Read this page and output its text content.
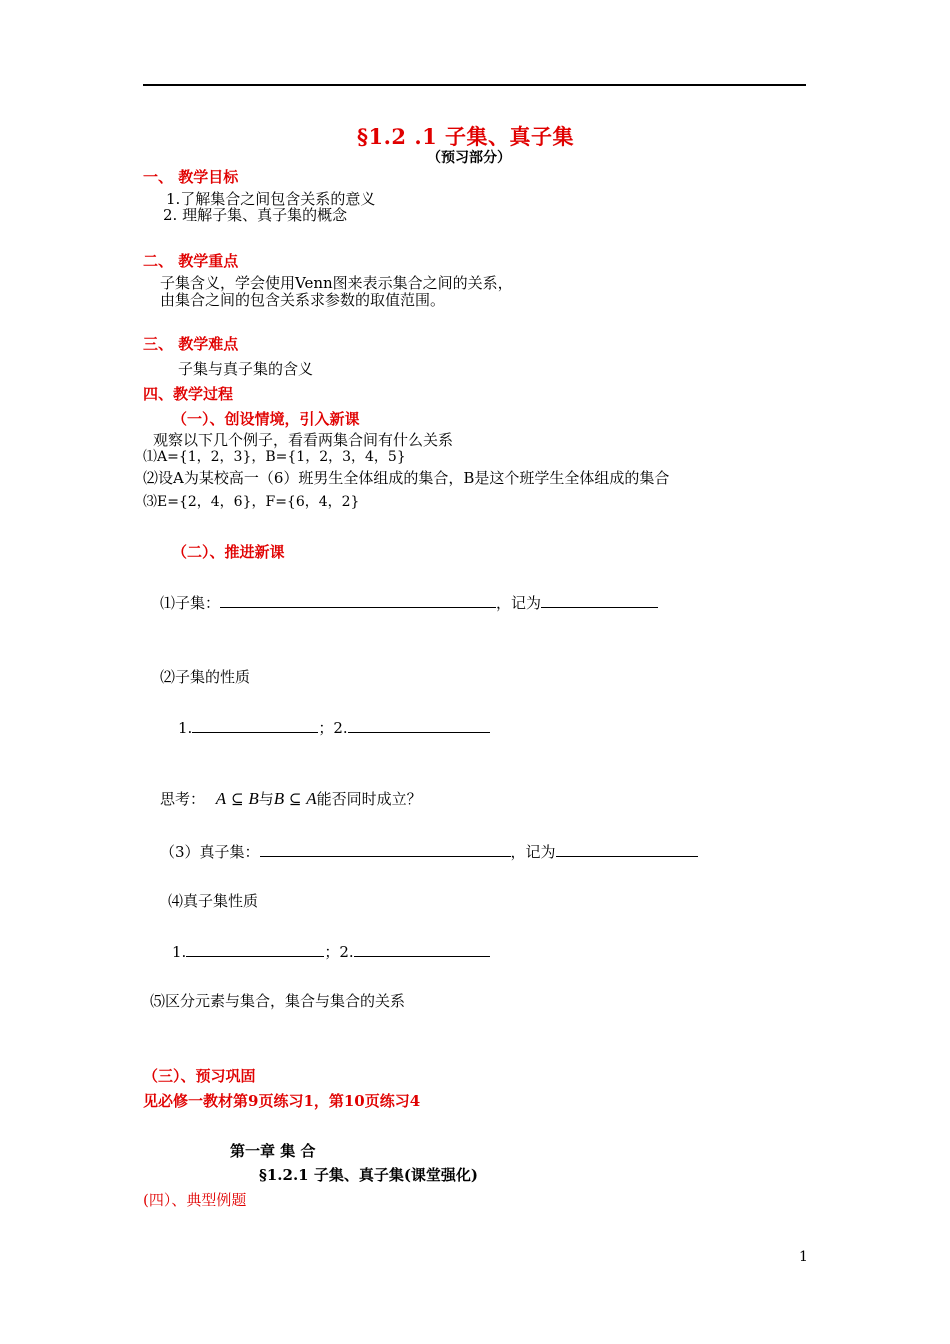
§1.2 .1 子集、真子集
（预习部分）
一、 教学目标
1.了解集合之间包含关系的意义
2. 理解子集、真子集的概念
二、 教学重点
子集含义，学会使用Venn图来表示集合之间的关系，
由集合之间的包含关系求参数的取值范围。
三、 教学难点
子集与真子集的含义
四、教学过程
（一）、创设情境，引入新课
观察以下几个例子，看看两集合间有什么关系
⑴A={1，2，3}，B={1，2，3，4，5}
⑵设A为某校高一（6）班男生全体组成的集合，B是这个班学生全体组成的集合
⑶E={2，4，6}，F={6，4，2}
（二）、推进新课
⑴子集：	，记为
⑵子集的性质
1.	；2.
思考： A ⊆ B与B ⊆ A能否同时成立？
（3）真子集：	，记为
⑷真子集性质
1.	；2.
⑸区分元素与集合，集合与集合的关系
（三）、预习巩固
见必修一教材第9页练习1，第10页练习4
第一章 集 合
§1.2.1 子集、真子集(课堂强化)
(四）、典型例题
1
